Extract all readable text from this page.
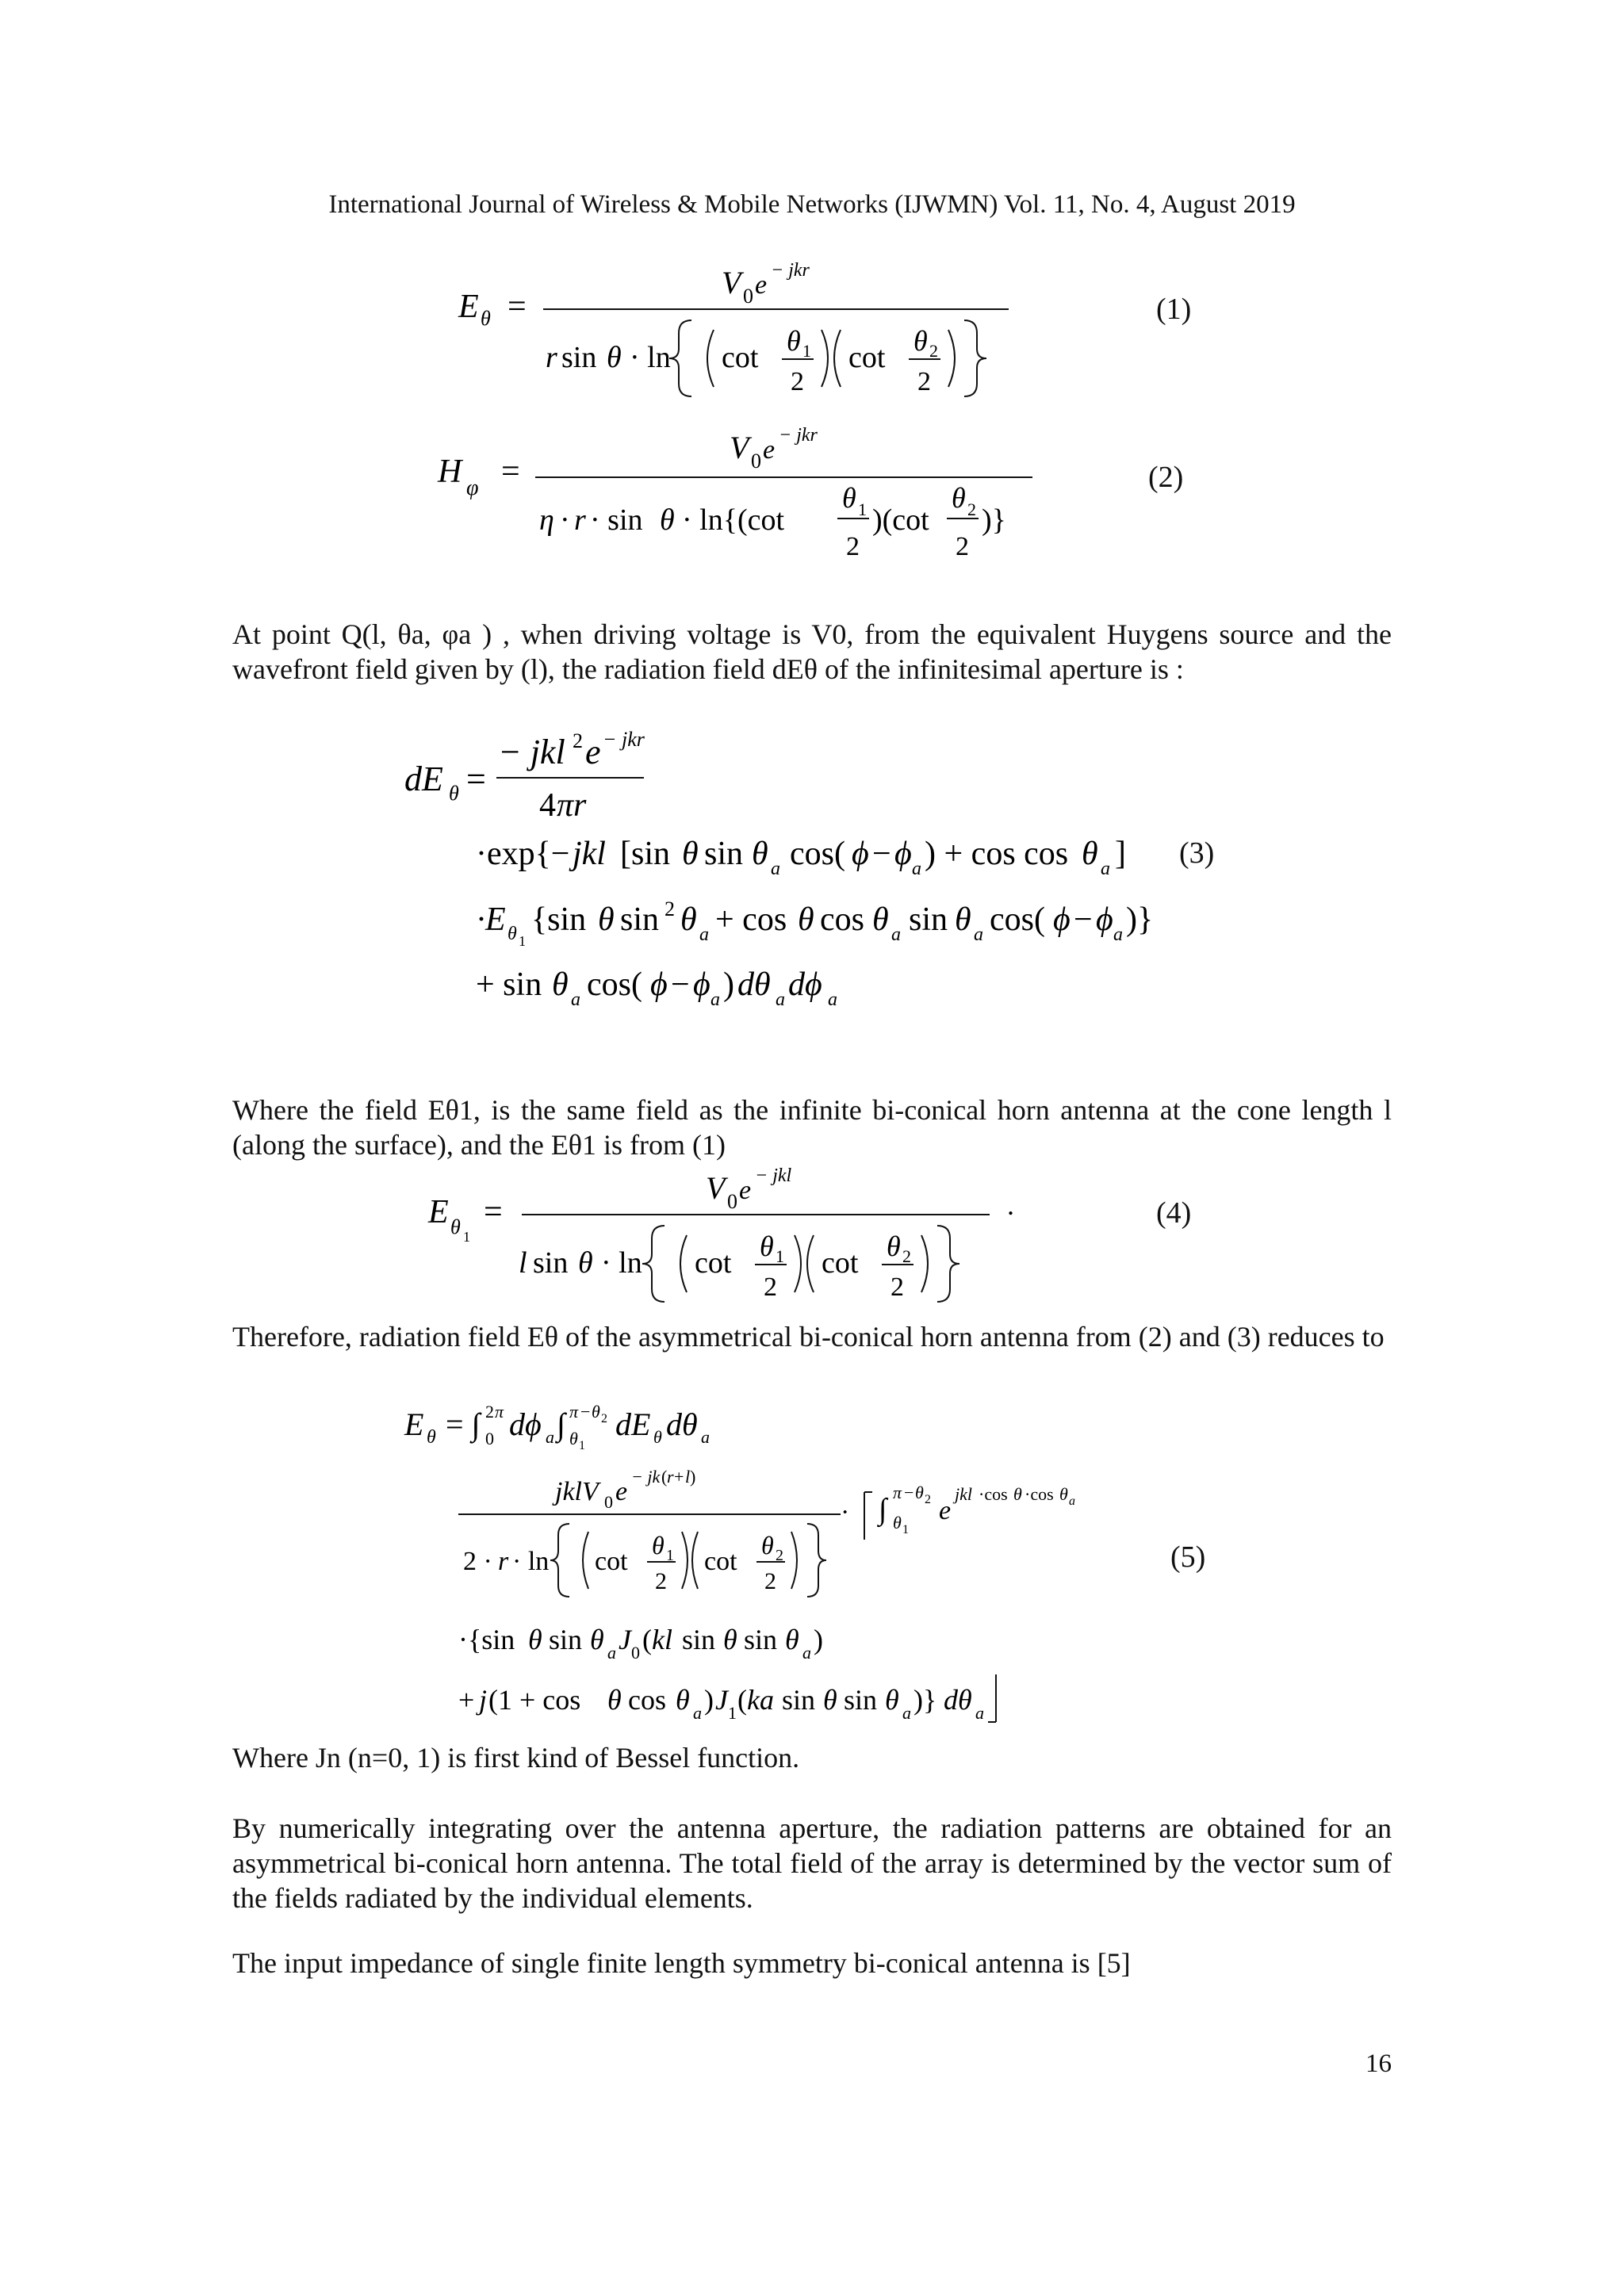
International Journal of Wireless & Mobile Networks (IJWMN) Vol. 11, No. 4, August 2019
E θ =
V 0 e − jkr
r sin θ · ln cot θ 1
2
cot θ 2
2
(1)
H φ =
V 0 e − jkr
η · r · sin θ · ln{(cot
θ 1
2
)(cot
θ 2
2
)}
(2)
At point Q(l, θa, φa ) , when driving voltage is V0, from the equivalent Huygens source and the wavefront field given by (l), the radiation field dEθ of the infinitesimal aperture is :
dE θ =
− jkl 2 e − jkr
4 πr
·exp{− jkl [sin θ sin θ a cos( ϕ − ϕ a ) + cos cos θ a ]
·
E θ 1
{sin θ sin 2 θ a + cos θ cos θ a sin θ a cos( ϕ − ϕ a )}
+ sin θ a cos( ϕ − ϕ a ) dθ a dϕ a
(3)
Where the field Eθ1, is the same field as the infinite bi-conical horn antenna at the cone length l (along the surface), and the Eθ1 is from (1)
E θ 1
=
V 0 e − jkl
.
l sin θ · ln cot θ 1
2
cot θ 2
2
(4)
Therefore, radiation field Eθ of the asymmetrical bi-conical horn antenna from (2) and (3) reduces to
E θ = ∫ 2 π
0 dϕ a ∫ π − θ 2
θ 1
dE θ dθ a
jklV 0 e
− jk ( r + l )
2 · r · ln cot
θ 1
2
cot
θ 2
2
· ∫
π − θ 2
θ 1
e
jkl ·cos θ ·cos θ a
·{sin θ sin θ a J 0 ( kl sin θ sin θ a )
+ j (1 + cos θ cos θ a ) J 1 ( ka sin θ sin θ a )} dθ a
(5)
Where Jn (n=0, 1) is first kind of Bessel function.
By numerically integrating over the antenna aperture, the radiation patterns are obtained for an asymmetrical bi-conical horn antenna. The total field of the array is determined by the vector sum of the fields radiated by the individual elements.
The input impedance of single finite length symmetry bi-conical antenna is [5]
16
